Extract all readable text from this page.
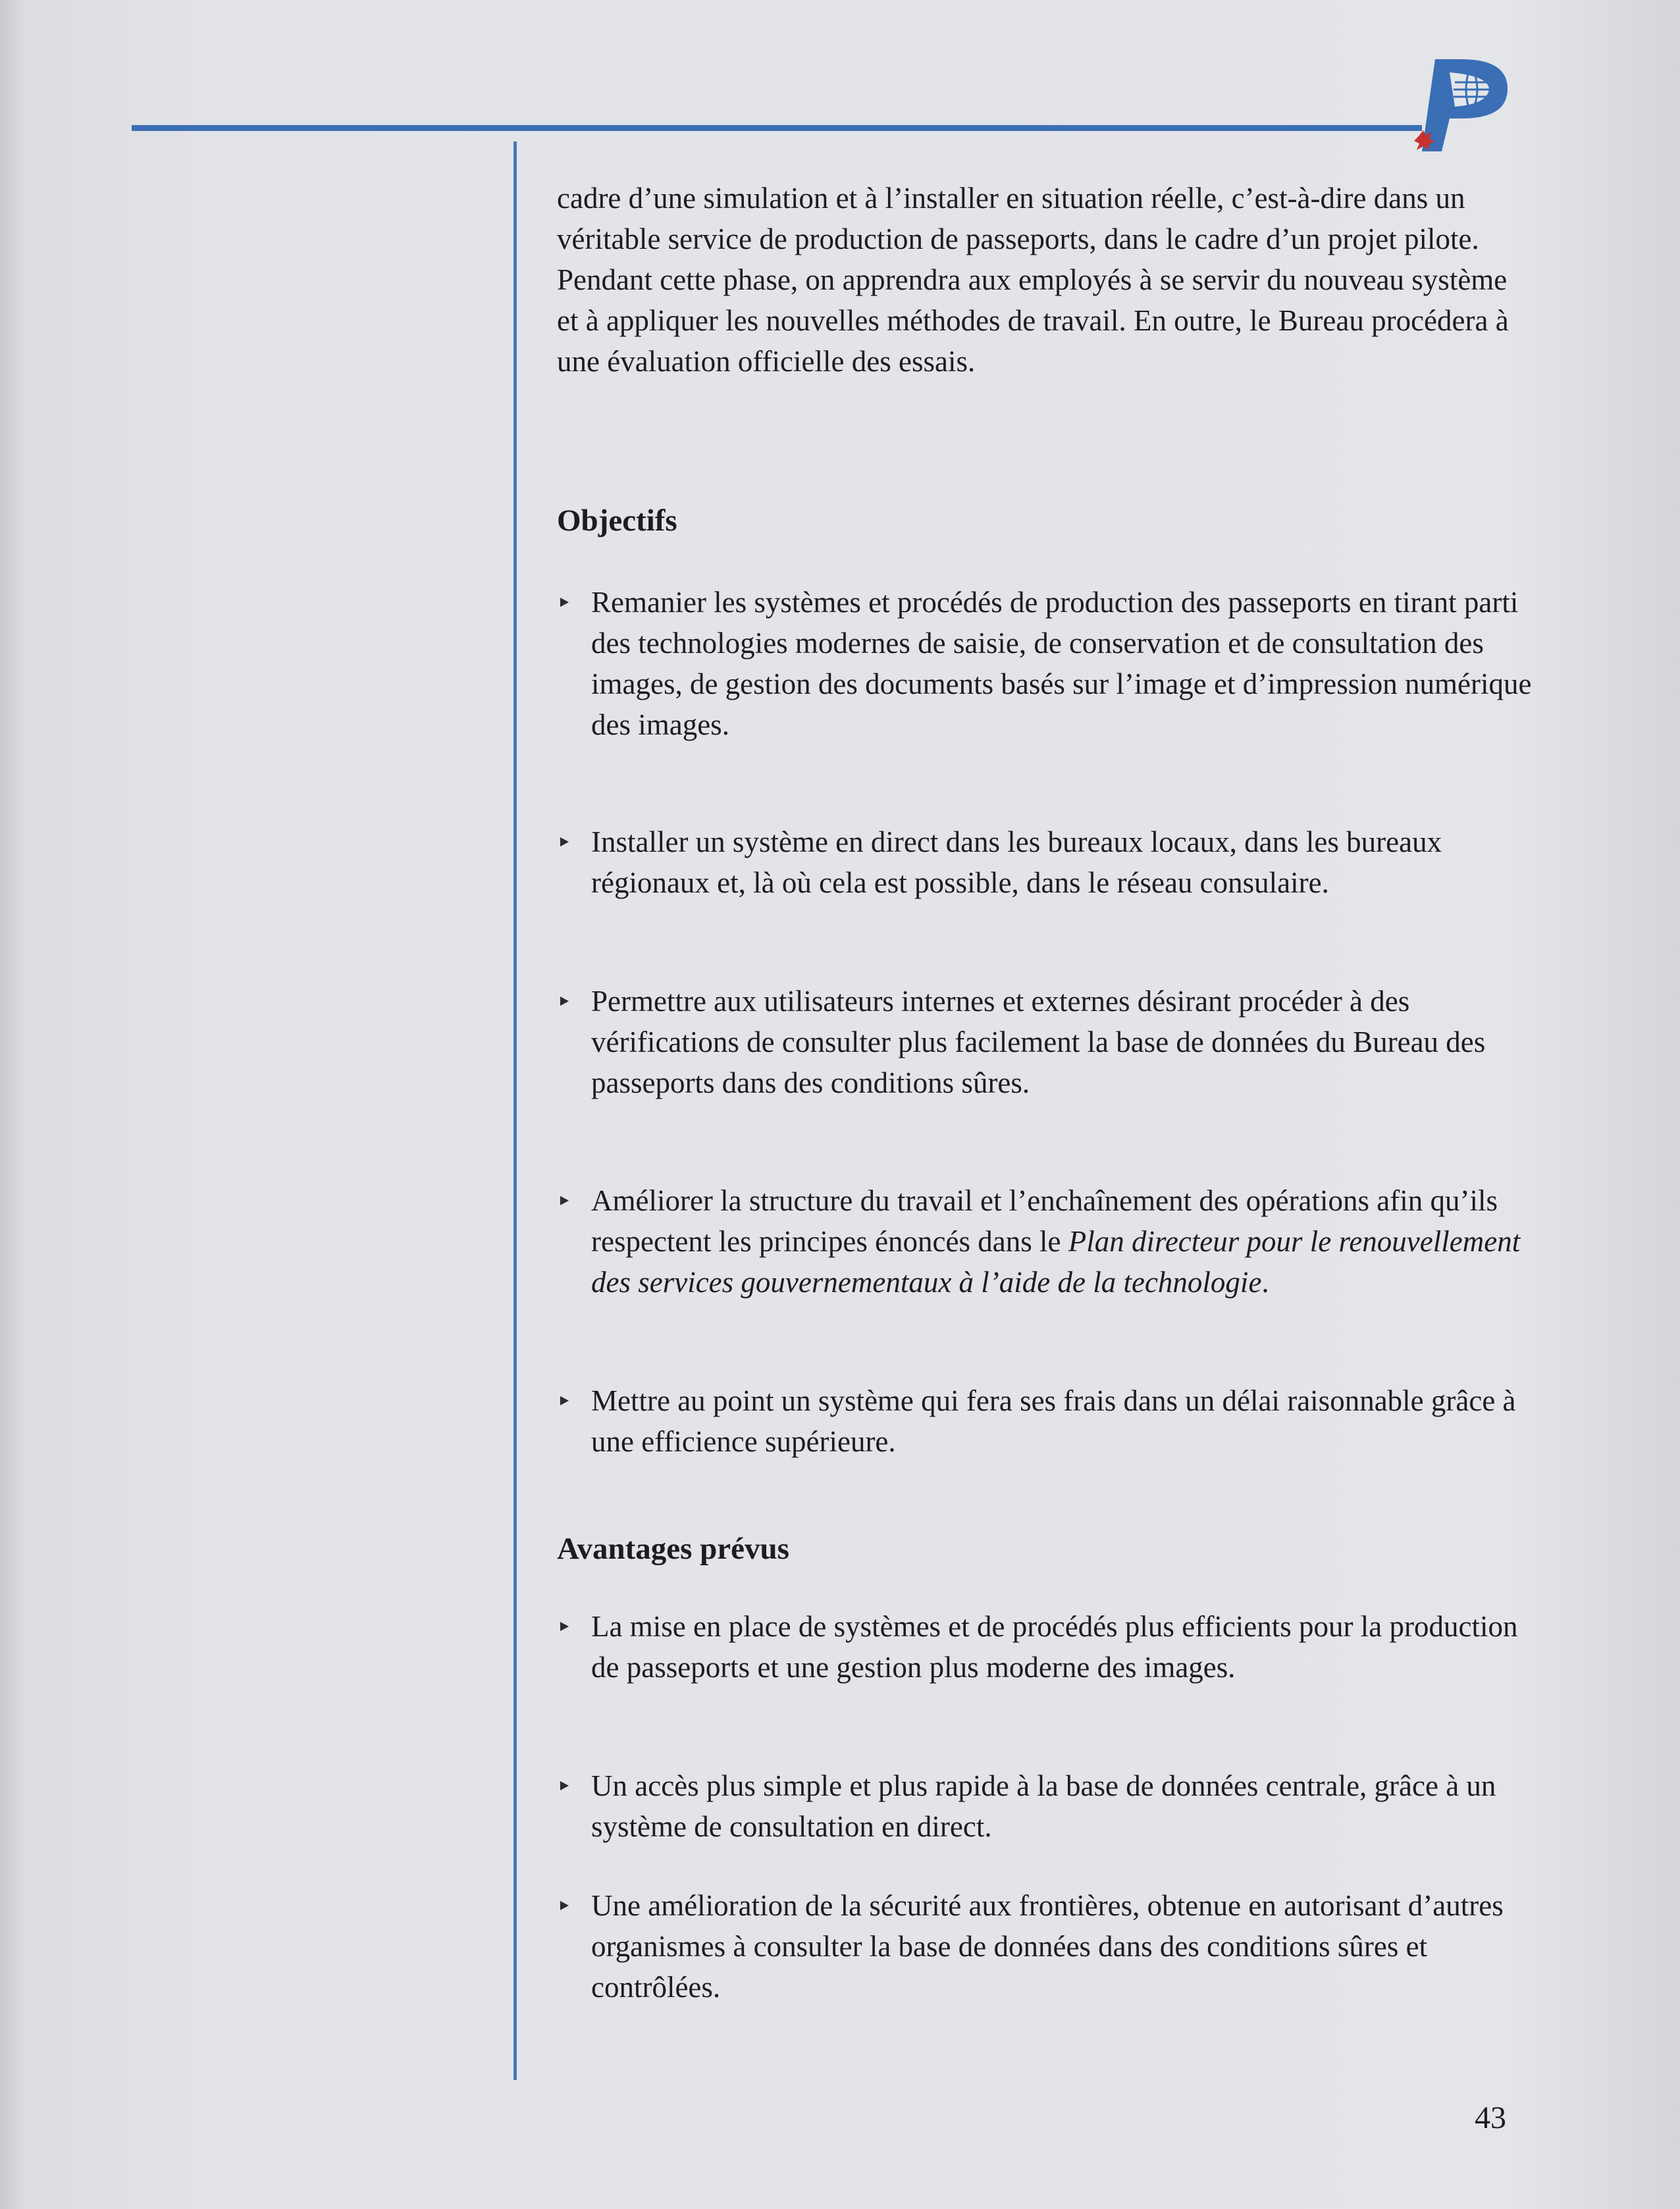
cadre d’une simulation et à l’installer en situation réelle, c’est-à-dire dans un véritable service de production de passeports, dans le cadre d’un projet pilote. Pendant cette phase, on apprendra aux employés à se servir du nouveau système et à appliquer les nouvelles méthodes de travail. En outre, le Bureau procédera à une évaluation officielle des essais.

Objectifs

Remanier les systèmes et procédés de production des passeports en tirant parti des technologies modernes de saisie, de conservation et de consultation des images, de gestion des documents basés sur l’image et d’impression numérique des images.

Installer un système en direct dans les bureaux locaux, dans les bureaux régionaux et, là où cela est possible, dans le réseau consulaire.

Permettre aux utilisateurs internes et externes désirant procéder à des vérifications de consulter plus facilement la base de données du Bureau des passeports dans des conditions sûres.

Améliorer la structure du travail et l’enchaînement des opérations afin qu’ils respectent les principes énoncés dans le Plan directeur pour le renouvellement des services gouvernementaux à l’aide de la technologie.

Mettre au point un système qui fera ses frais dans un délai raisonnable grâce à une efficience supérieure.

Avantages prévus

La mise en place de systèmes et de procédés plus efficients pour la production de passeports et une gestion plus moderne des images.

Un accès plus simple et plus rapide à la base de données centrale, grâce à un système de consultation en direct.

Une amélioration de la sécurité aux frontières, obtenue en autorisant d’autres organismes à consulter la base de données dans des conditions sûres et contrôlées.

43
